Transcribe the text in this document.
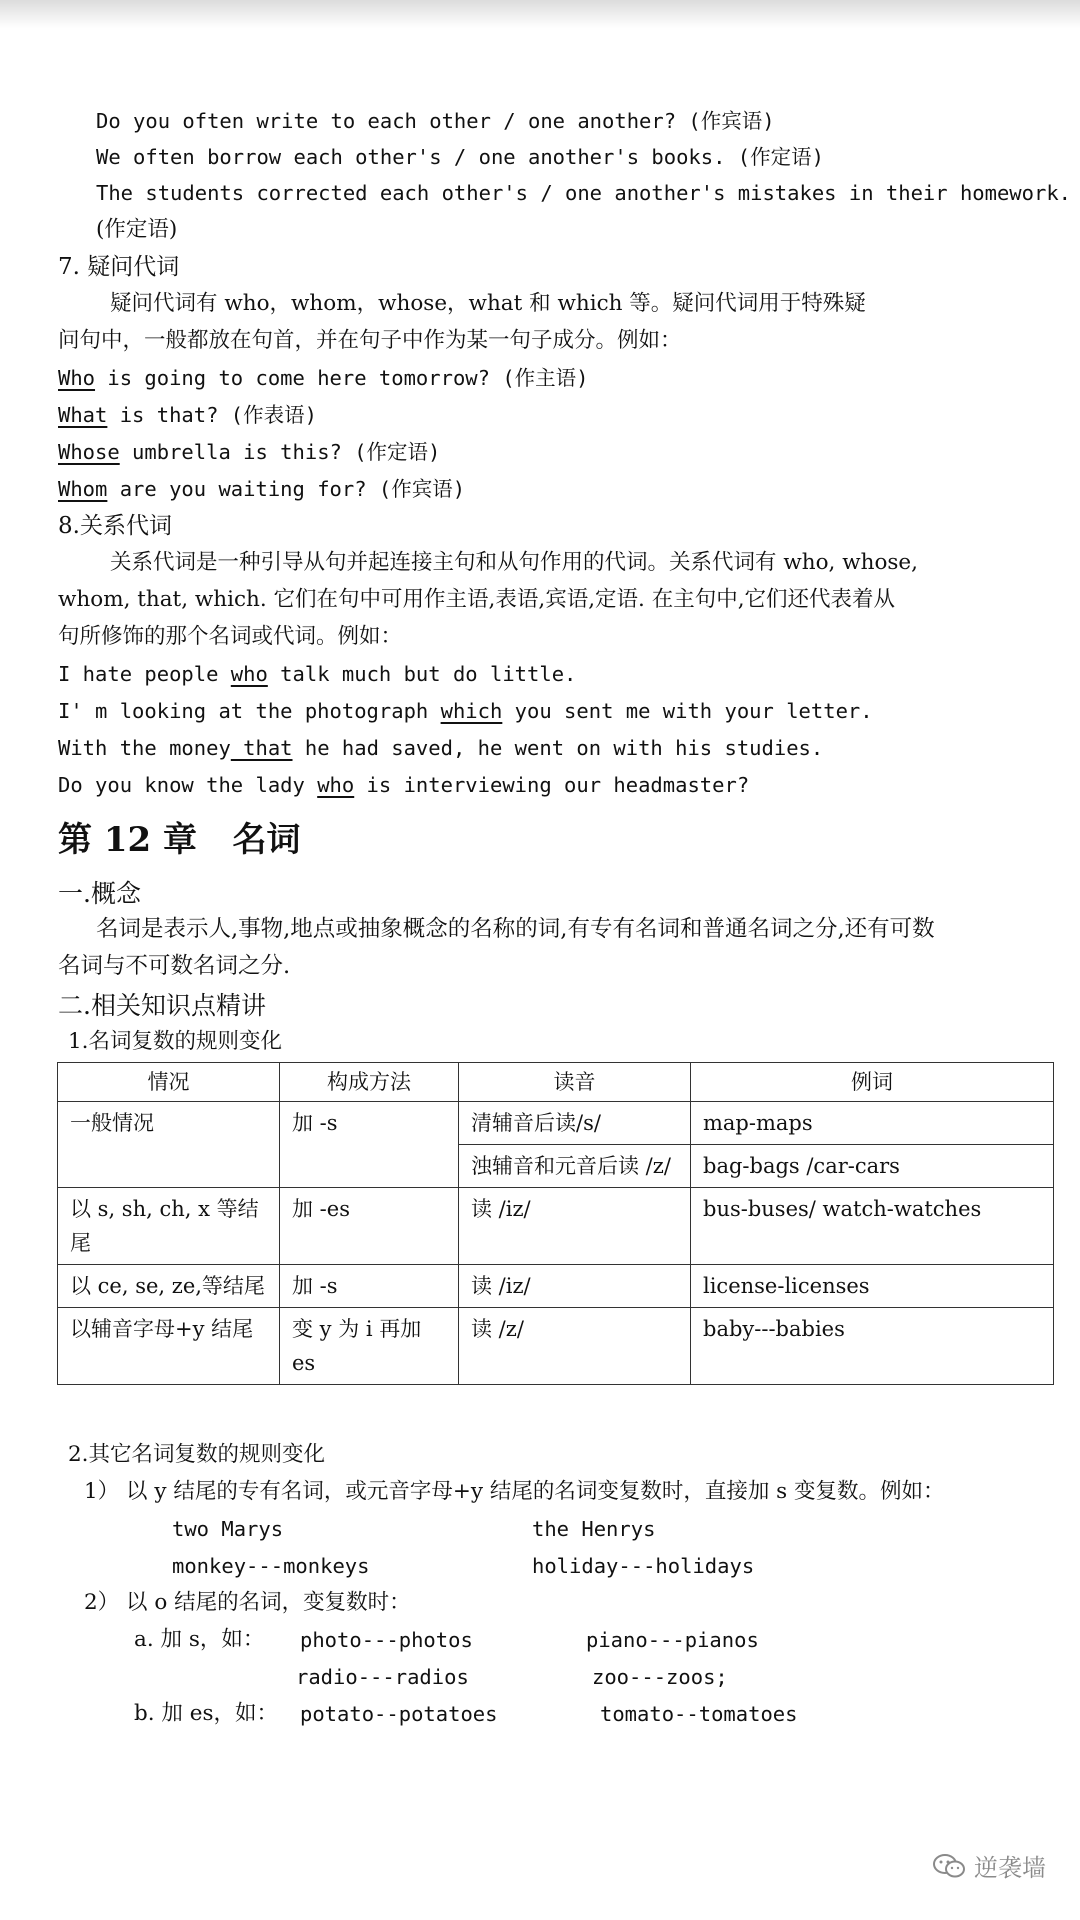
Do you often write to each other / one another? (作宾语)
We often borrow each other's / one another's books. (作定语)
The students corrected each other's / one another's mistakes in their homework.
(作定语)
7. 疑问代词
疑问代词有 who，whom，whose，what 和 which 等。疑问代词用于特殊疑
问句中，一般都放在句首，并在句子中作为某一句子成分。例如：
Who is going to come here tomorrow? (作主语)
What is that? (作表语)
Whose umbrella is this? (作定语)
Whom are you waiting for? (作宾语)
8.关系代词
关系代词是一种引导从句并起连接主句和从句作用的代词。关系代词有 who, whose,
whom, that, which. 它们在句中可用作主语,表语,宾语,定语. 在主句中,它们还代表着从
句所修饰的那个名词或代词。例如：
I hate people who talk much but do little.
I' m looking at the photograph which you sent me with your letter.
With the money that he had saved, he went on with his studies.
Do you know the lady who is interviewing our headmaster?
第 12 章 名词
一.概念
名词是表示人,事物,地点或抽象概念的名称的词,有专有名词和普通名词之分,还有可数
名词与不可数名词之分.
二.相关知识点精讲
1.名词复数的规则变化
情况	构成方法	读音	例词
一般情况	加 -s	清辅音后读/s/	map-maps
		浊辅音和元音后读 /z/	bag-bags /car-cars
以 s, sh, ch, x 等结尾	加 -es	读 /iz/	bus-buses/ watch-watches
以 ce, se, ze,等结尾	加 -s	读 /iz/	license-licenses
以辅音字母+y 结尾	变 y 为 i 再加 es	读 /z/	baby---babies
2.其它名词复数的规则变化
1） 以 y 结尾的专有名词，或元音字母+y 结尾的名词变复数时，直接加 s 变复数。例如：
two Marys	the Henrys
monkey---monkeys	holiday---holidays
2） 以 o 结尾的名词，变复数时：
a. 加 s，如： photo---photos	piano---pianos
radio---radios	zoo---zoos;
b. 加 es，如： potato--potatoes	tomato--tomatoes
逆袭墙
